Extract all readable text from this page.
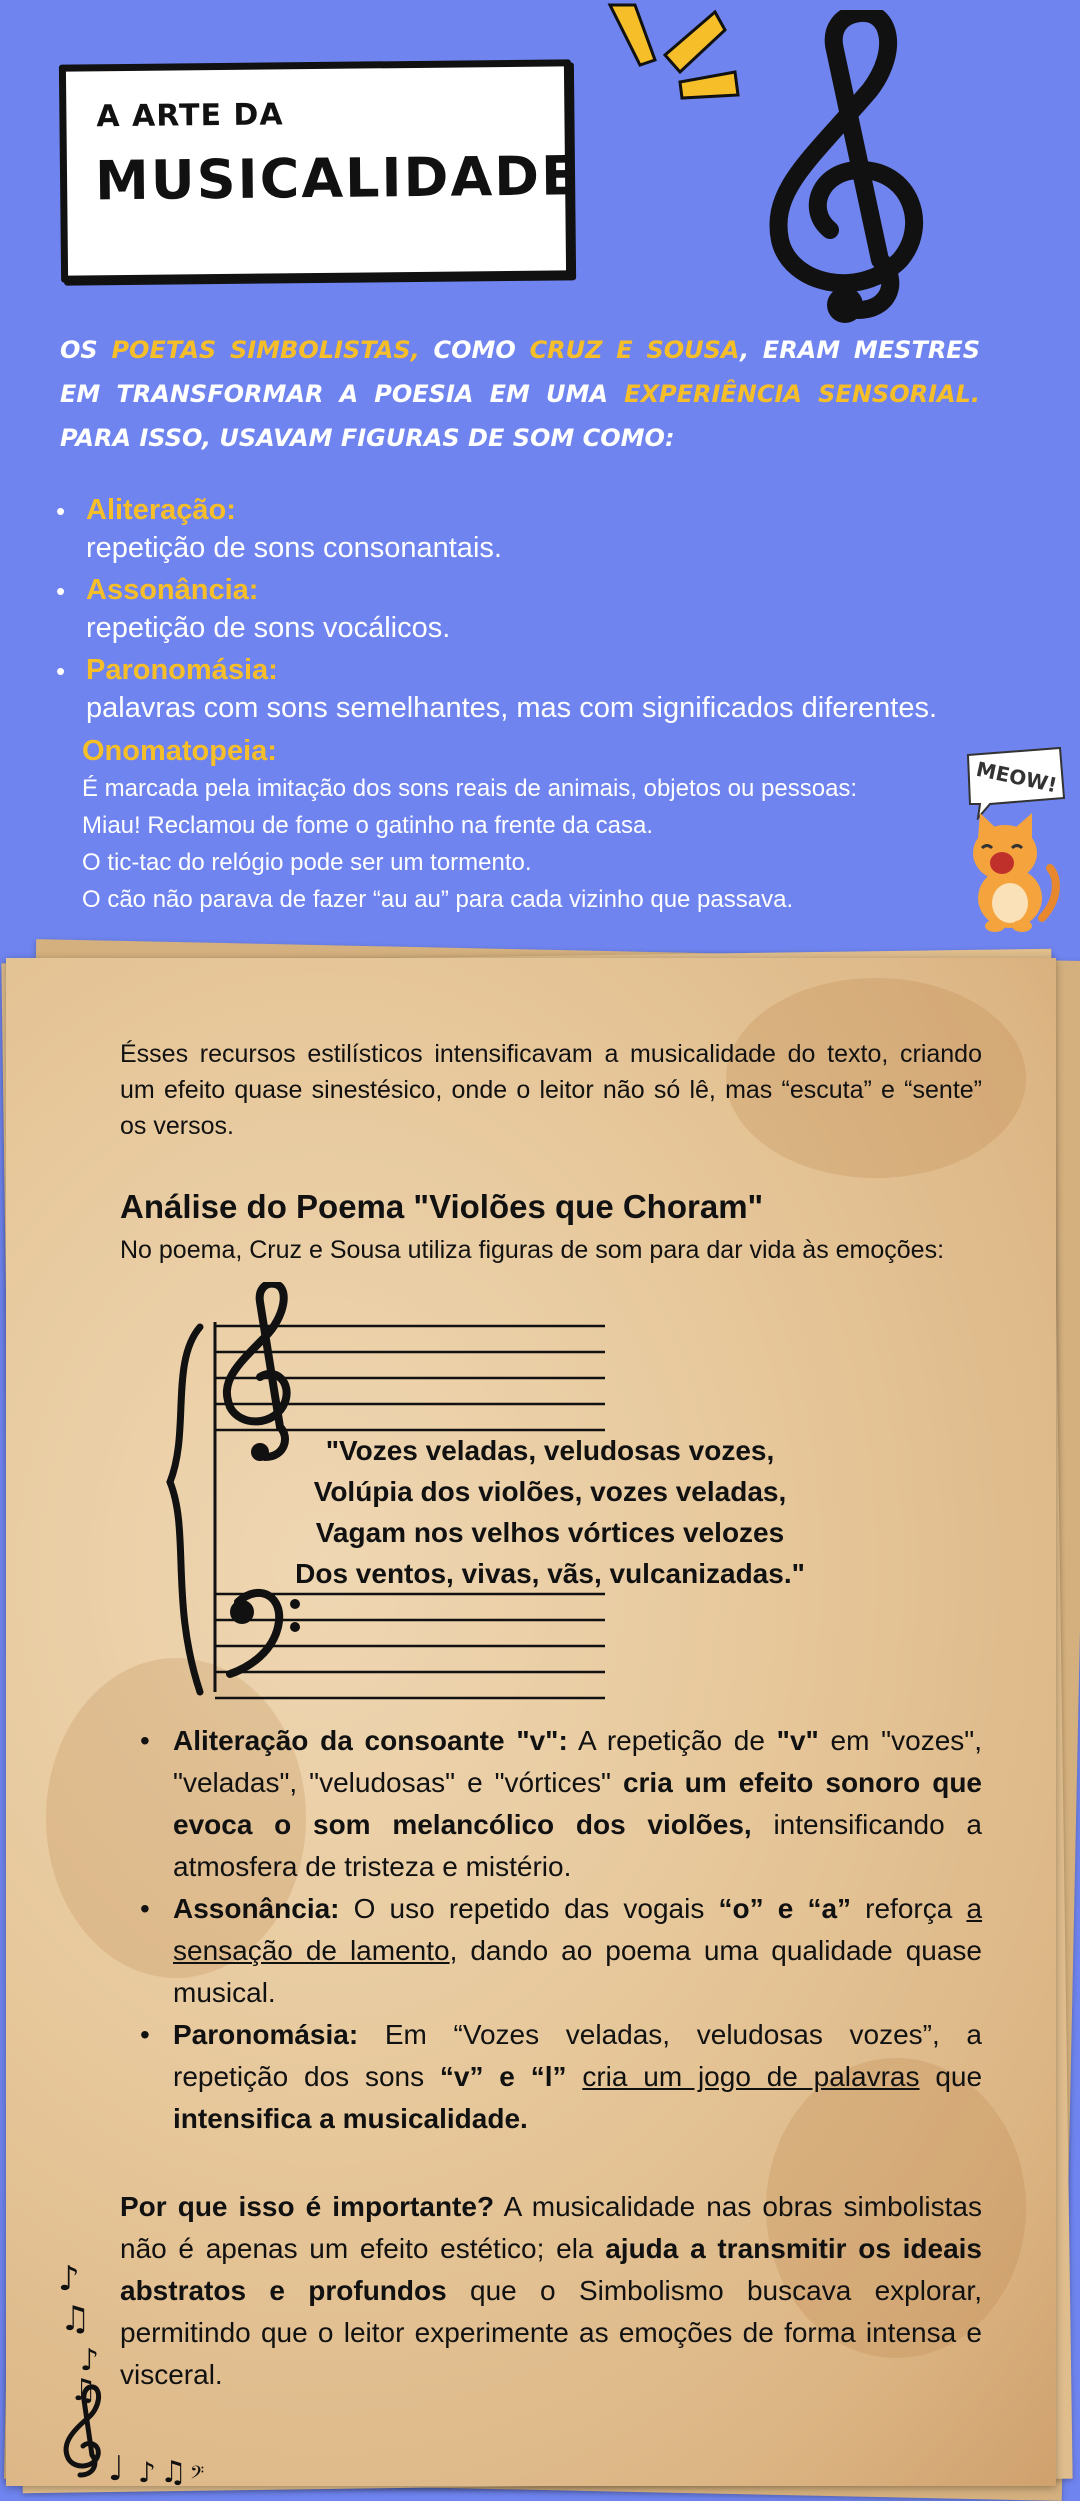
A ARTE DA
MUSICALIDADE
OS POETAS SIMBOLISTAS, COMO CRUZ E SOUSA, ERAM MESTRES EM TRANSFORMAR A POESIA EM UMA EXPERIÊNCIA SENSORIAL. PARA ISSO, USAVAM FIGURAS DE SOM COMO:
• Aliteração:
repetição de sons consonantais.
• Assonância:
repetição de sons vocálicos.
• Paronomásia:
palavras com sons semelhantes, mas com significados diferentes.
Onomatopeia:
É marcada pela imitação dos sons reais de animais, objetos ou pessoas:
Miau! Reclamou de fome o gatinho na frente da casa.
O tic-tac do relógio pode ser um tormento.
O cão não parava de fazer “au au” para cada vizinho que passava.
MEOW!
Ésses recursos estilísticos intensificavam a musicalidade do texto, criando um efeito quase sinestésico, onde o leitor não só lê, mas “escuta” e “sente” os versos.
Análise do Poema "Violões que Choram"
No poema, Cruz e Sousa utiliza figuras de som para dar vida às emoções:
"Vozes veladas, veludosas vozes,
Volúpia dos violões, vozes veladas,
Vagam nos velhos vórtices velozes
Dos ventos, vivas, vãs, vulcanizadas."
• Aliteração da consoante "v": A repetição de "v" em "vozes", "veladas", "veludosas" e "vórtices" cria um efeito sonoro que evoca o som melancólico dos violões, intensificando a atmosfera de tristeza e mistério.
• Assonância: O uso repetido das vogais “o” e “a” reforça a sensação de lamento, dando ao poema uma qualidade quase musical.
• Paronomásia: Em “Vozes veladas, veludosas vozes”, a repetição dos sons “v” e “l” cria um jogo de palavras que intensifica a musicalidade.
Por que isso é importante? A musicalidade nas obras simbolistas não é apenas um efeito estético; ela ajuda a transmitir os ideais abstratos e profundos que o Simbolismo buscava explorar, permitindo que o leitor experimente as emoções de forma intensa e visceral.
♪
♫
♪
♫
♩ ♪ ♫ 𝄢
